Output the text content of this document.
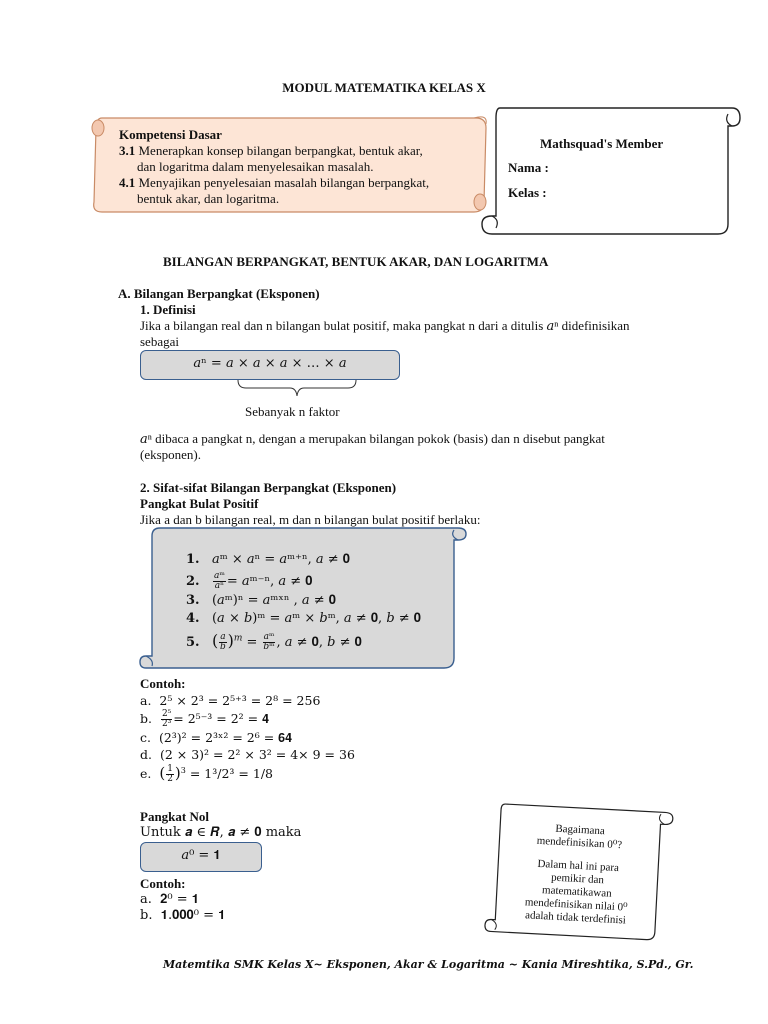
MODUL MATEMATIKA KELAS X
Kompetensi Dasar
3.1 Menerapkan konsep bilangan berpangkat, bentuk akar,
dan logaritma dalam menyelesaikan masalah.
4.1 Menyajikan penyelesaian masalah bilangan berpangkat,
bentuk akar, dan logaritma.
Mathsquad's Member
Nama :
Kelas :
BILANGAN BERPANGKAT, BENTUK AKAR, DAN LOGARITMA
A. Bilangan Berpangkat (Eksponen)
1. Definisi
Jika a bilangan real dan n bilangan bulat positif, maka pangkat n dari a ditulis 𝑎ⁿ didefinisikan
sebagai
𝑎ⁿ = 𝑎 × 𝑎 × 𝑎 × … × 𝑎
Sebanyak n faktor
𝑎ⁿ dibaca a pangkat n, dengan a merupakan bilangan pokok (basis) dan n disebut pangkat
(eksponen).
2. Sifat-sifat Bilangan Berpangkat (Eksponen)
Pangkat Bulat Positif
Jika a dan b bilangan real, m dan n bilangan bulat positif berlaku:
1. 𝑎ᵐ × 𝑎ⁿ = 𝑎ᵐ⁺ⁿ, 𝑎 ≠ 𝟎
2. $\frac{\text{𝑎ᵐ}}{\text{𝑎ⁿ}}$ = 𝑎ᵐ⁻ⁿ, 𝑎 ≠ 𝟎
3. (𝑎ᵐ)ⁿ = 𝑎ᵐˣⁿ , 𝑎 ≠ 𝟎
4. (𝑎 × 𝑏)ᵐ = 𝑎ᵐ × 𝑏ᵐ, 𝑎 ≠ 𝟎, 𝑏 ≠ 𝟎
5. ( $\frac{\text{𝑎}}{\text{𝑏}} )^𝑚 = \frac{\text{𝑎ᵐ}}{\text{𝑏ᵐ}}$ , 𝑎 ≠ 𝟎, 𝑏 ≠ 𝟎
Contoh:
a. 2⁵ × 2³ = 2⁵⁺³ = 2⁸ = 256
b. $\frac{\text{2⁵}}{\text{2³}} = 2^{5-3} = 2^2$ = 𝟒
c. (2³)² = 2³ˣ² = 2⁶ = 𝟔𝟒
d. (2 × 3)² = 2² × 3² = 4× 9 = 36
e. ( $\frac{1}{2} )^3 = 1^3/2^3 = 1/8$
Pangkat Nol
Untuk 𝒂 ∈ 𝑹, 𝒂 ≠ 𝟎 maka
𝑎⁰ = 𝟏
Contoh:
a. 𝟐⁰ = 𝟏
b. 𝟏.𝟎𝟎𝟎⁰ = 𝟏
Bagaimana
mendefinisikan 0⁰?
Dalam hal ini para
pemikir dan
matematikawan
mendefinisikan nilai 0⁰
adalah tidak terdefinisi
Matemtika SMK Kelas X~ Eksponen, Akar & Logaritma ~ Kania Mireshtika, S.Pd., Gr.
